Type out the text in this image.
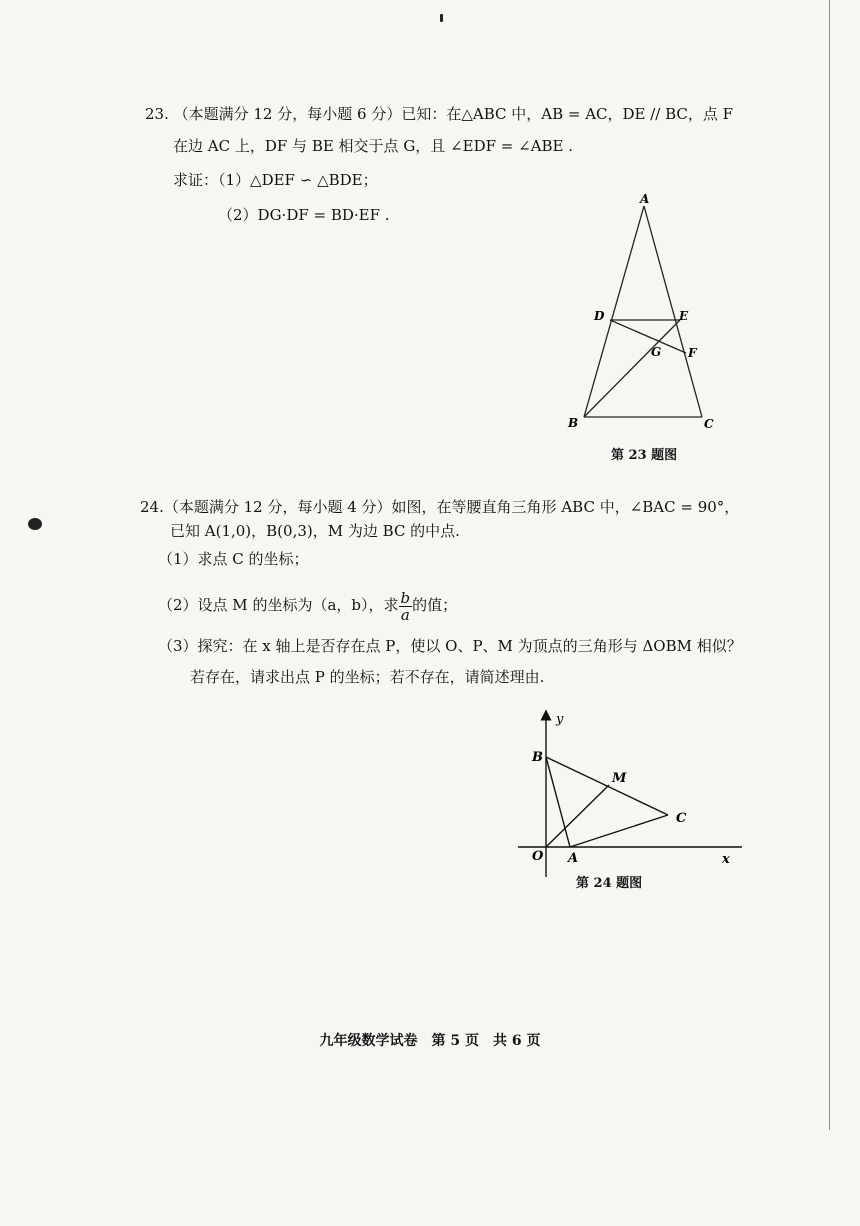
23. （本题满分 12 分，每小题 6 分）已知：在△ABC 中，AB = AC，DE // BC，点 F
在边 AC 上，DF 与 BE 相交于点 G，且 ∠EDF = ∠ABE .
求证：（1）△DEF ∽ △BDE；
（2）DG·DF = BD·EF .
A
D	E
G F
B	C
第 23 题图
24.（本题满分 12 分，每小题 4 分）如图，在等腰直角三角形 ABC 中，∠BAC = 90°，
已知 A(1,0)，B(0,3)，M 为边 BC 的中点.
（1）求点 C 的坐标；
（2）设点 M 的坐标为（a，b），求 $\frac{b}{a}$ 的值；
（3）探究：在 x 轴上是否存在点 P，使以 O、P、M 为顶点的三角形与 ΔOBM 相似？
若存在，请求出点 P 的坐标；若不存在，请简述理由.
y
x
O A
B
M
C
第 24 题图
九年级数学试卷　第 5 页　共 6 页
